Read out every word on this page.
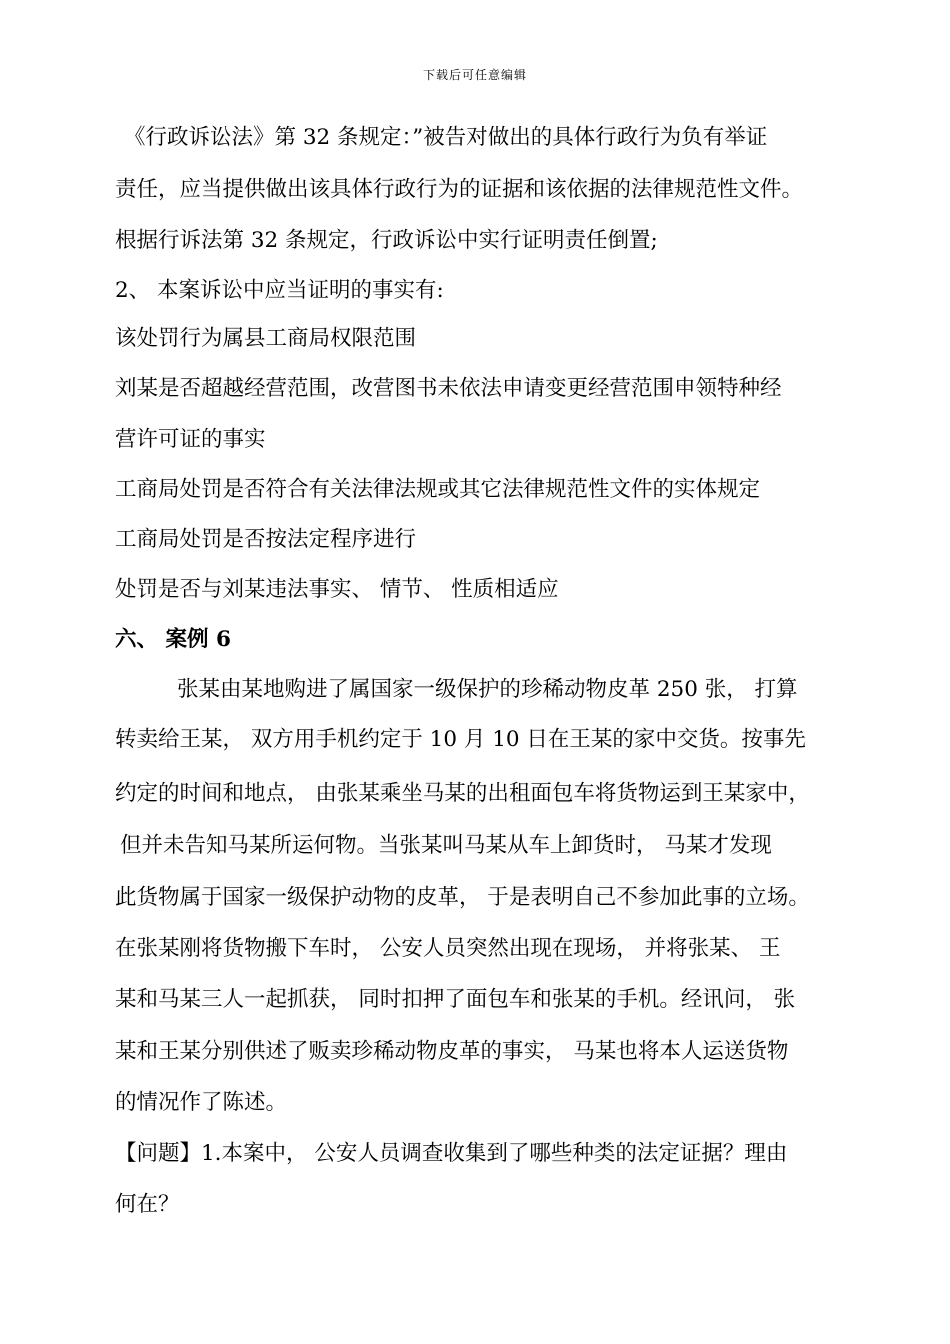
下载后可任意编辑
《行政诉讼法》第 32 条规定：”被告对做出的具体行政行为负有举证
责任，应当提供做出该具体行政行为的证据和该依据的法律规范性文件。
根据行诉法第 32 条规定，行政诉讼中实行证明责任倒置;
2、 本案诉讼中应当证明的事实有:
该处罚行为属县工商局权限范围
刘某是否超越经营范围，改营图书未依法申请变更经营范围申领特种经
营许可证的事实
工商局处罚是否符合有关法律法规或其它法律规范性文件的实体规定
工商局处罚是否按法定程序进行
处罚是否与刘某违法事实、 情节、 性质相适应
六、 案例 6
张某由某地购进了属国家一级保护的珍稀动物皮革 250 张， 打算
转卖给王某， 双方用手机约定于 10 月 10 日在王某的家中交货。按事先
约定的时间和地点， 由张某乘坐马某的出租面包车将货物运到王某家中，
但并未告知马某所运何物。当张某叫马某从车上卸货时， 马某才发现
此货物属于国家一级保护动物的皮革， 于是表明自己不参加此事的立场。
在张某刚将货物搬下车时， 公安人员突然出现在现场， 并将张某、 王
某和马某三人一起抓获， 同时扣押了面包车和张某的手机。经讯问， 张
某和王某分别供述了贩卖珍稀动物皮革的事实， 马某也将本人运送货物
的情况作了陈述。
【问题】1.本案中， 公安人员调查收集到了哪些种类的法定证据？理由
何在？
